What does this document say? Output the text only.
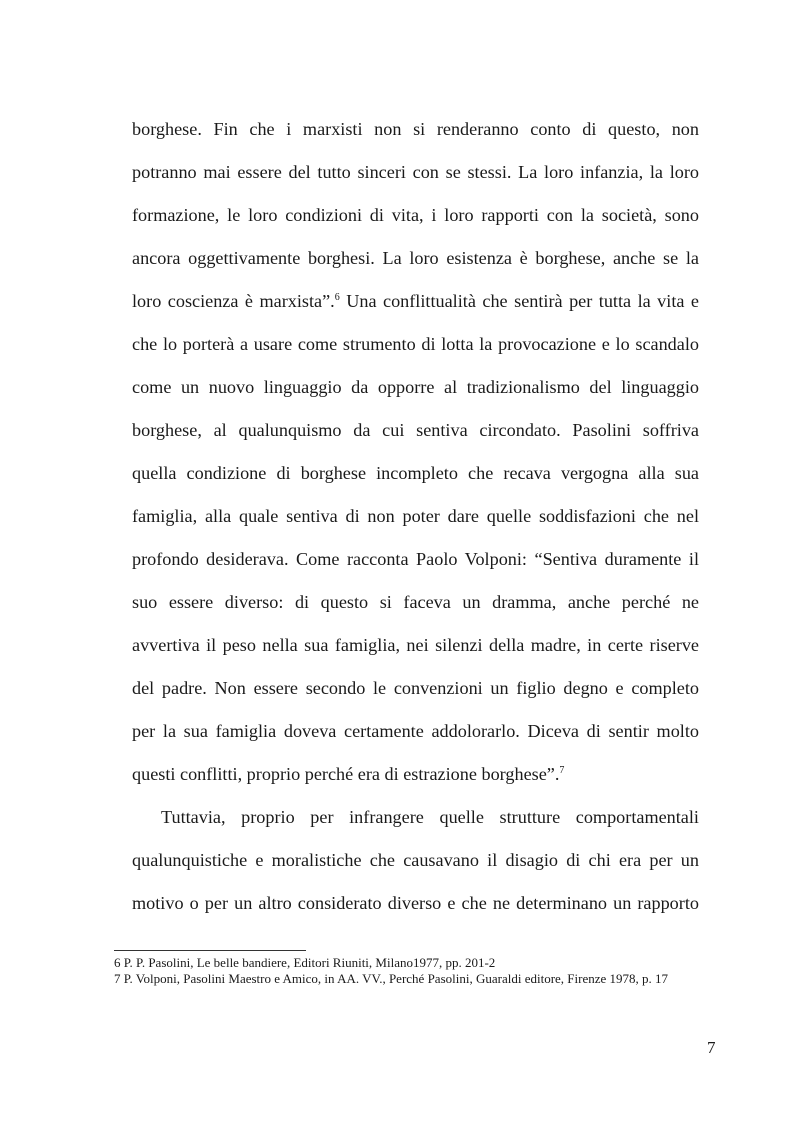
borghese. Fin che i marxisti non si renderanno conto di questo, non
potranno mai essere del tutto sinceri con se stessi. La loro infanzia, la loro
formazione, le loro condizioni di vita, i loro rapporti con la società, sono
ancora oggettivamente borghesi. La loro esistenza è borghese, anche se la
loro coscienza è marxista”.$^6$ Una conflittualità che sentirà per tutta la vita e
che lo porterà a usare come strumento di lotta la provocazione e lo scandalo
come un nuovo linguaggio da opporre al tradizionalismo del linguaggio
borghese, al qualunquismo da cui sentiva circondato. Pasolini soffriva
quella condizione di borghese incompleto che recava vergogna alla sua
famiglia, alla quale sentiva di non poter dare quelle soddisfazioni che nel
profondo desiderava. Come racconta Paolo Volponi: “Sentiva duramente il
suo essere diverso: di questo si faceva un dramma, anche perché ne
avvertiva il peso nella sua famiglia, nei silenzi della madre, in certe riserve
del padre. Non essere secondo le convenzioni un figlio degno e completo
per la sua famiglia doveva certamente addolorarlo. Diceva di sentir molto
questi conflitti, proprio perché era di estrazione borghese”.$^7$
Tuttavia, proprio per infrangere quelle strutture comportamentali
qualunquistiche e moralistiche che causavano il disagio di chi era per un
motivo o per un altro considerato diverso e che ne determinano un rapporto

6 P. P. Pasolini, Le belle bandiere, Editori Riuniti, Milano1977, pp. 201-2

7 P. Volponi, Pasolini Maestro e Amico, in AA. VV., Perché Pasolini, Guaraldi editore, Firenze 1978, p. 17

7
